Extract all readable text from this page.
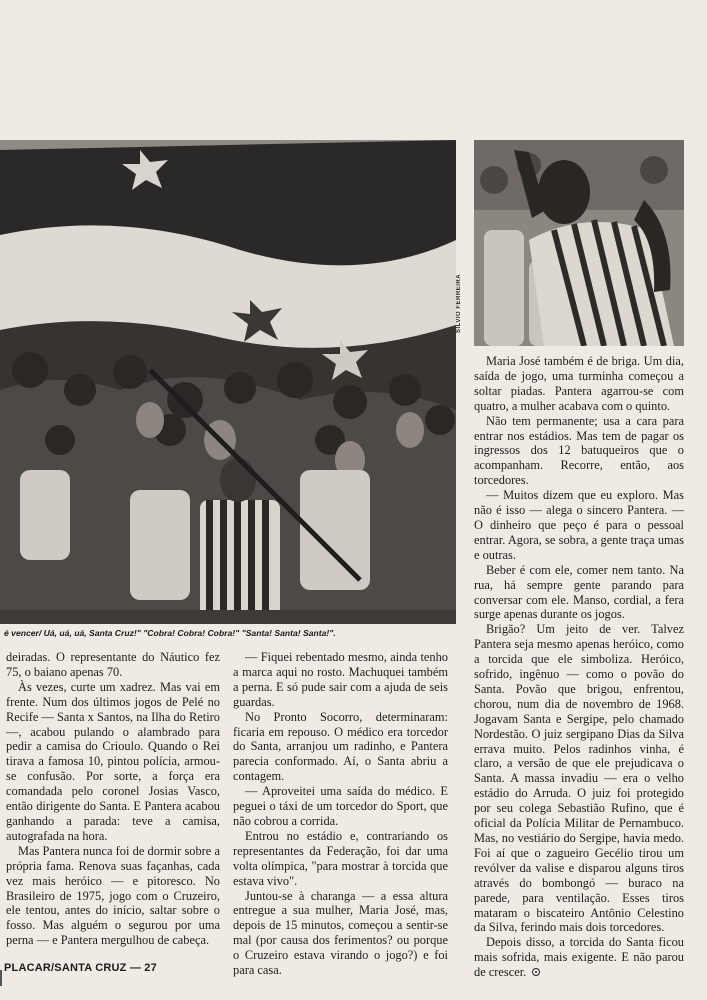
SILVIO FERREIRA
é vencer/ Uá, uá, uá, Santa Cruz!" "Cobra! Cobra! Cobra!" "Santa! Santa! Santa!".

deiradas. O representante do Náutico fez 75, o baiano apenas 70.

Às vezes, curte um xadrez. Mas vai em frente. Num dos últimos jogos de Pelé no Recife — Santa x Santos, na Ilha do Retiro —, acabou pulando o alambrado para pedir a camisa do Crioulo. Quando o Rei tirava a famosa 10, pintou polícia, armou-se confusão. Por sorte, a força era comandada pelo coronel Josias Vasco, então dirigente do Santa. E Pantera acabou ganhando a parada: teve a camisa, autografada na hora.

Mas Pantera nunca foi de dormir sobre a própria fama. Renova suas façanhas, cada vez mais heróico — e pitoresco. No Brasileiro de 1975, jogo com o Cruzeiro, ele tentou, antes do início, saltar sobre o fosso. Mas alguém o segurou por uma perna — e Pantera mergulhou de cabeça.

— Fiquei rebentado mesmo, ainda tenho a marca aqui no rosto. Machuquei também a perna. E só pude sair com a ajuda de seis guardas.

No Pronto Socorro, determinaram: ficaria em repouso. O médico era torcedor do Santa, arranjou um radinho, e Pantera parecia conformado. Aí, o Santa abriu a contagem.

— Aproveitei uma saída do médico. E peguei o táxi de um torcedor do Sport, que não cobrou a corrida.

Entrou no estádio e, contrariando os representantes da Federação, foi dar uma volta olímpica, "para mostrar à torcida que estava vivo".

Juntou-se à charanga — a essa altura entregue a sua mulher, Maria José, mas, depois de 15 minutos, começou a sentir-se mal (por causa dos ferimentos? ou porque o Cruzeiro estava virando o jogo?) e foi para casa.

Maria José também é de briga. Um dia, saída de jogo, uma turminha começou a soltar piadas. Pantera agarrou-se com quatro, a mulher acabava com o quinto.

Não tem permanente; usa a cara para entrar nos estádios. Mas tem de pagar os ingressos dos 12 batuqueiros que o acompanham. Recorre, então, aos torcedores.

— Muitos dizem que eu exploro. Mas não é isso — alega o sincero Pantera. — O dinheiro que peço é para o pessoal entrar. Agora, se sobra, a gente traça umas e outras.

Beber é com ele, comer nem tanto. Na rua, há sempre gente parando para conversar com ele. Manso, cordial, a fera surge apenas durante os jogos.

Brigão? Um jeito de ver. Talvez Pantera seja mesmo apenas heróico, como a torcida que ele simboliza. Heróico, sofrido, ingênuo — como o povão do Santa. Povão que brigou, enfrentou, chorou, num dia de novembro de 1968. Jogavam Santa e Sergipe, pelo chamado Nordestão. O juiz sergipano Dias da Silva errava muito. Pelos radinhos vinha, é claro, a versão de que ele prejudicava o Santa. A massa invadiu — era o velho estádio do Arruda. O juiz foi protegido por seu colega Sebastião Rufino, que é oficial da Polícia Militar de Pernambuco. Mas, no vestiário do Sergipe, havia medo. Foi aí que o zagueiro Gecélio tirou um revólver da valise e disparou alguns tiros através do bombongó — buraco na parede, para ventilação. Esses tiros mataram o biscateiro Antônio Celestino da Silva, ferindo mais dois torcedores.

Depois disso, a torcida do Santa ficou mais sofrida, mais exigente. E não parou de crescer.

PLACAR/SANTA CRUZ — 27
